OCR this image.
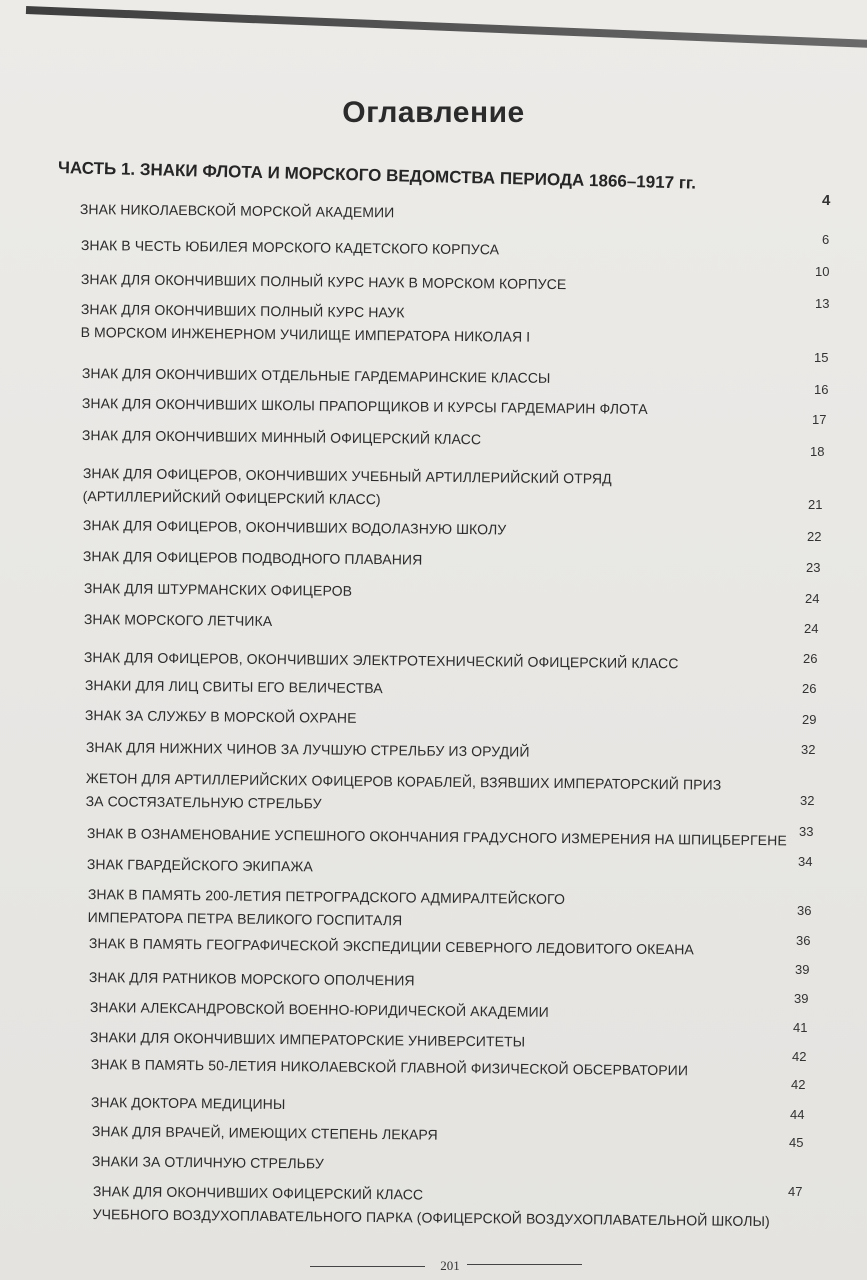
Оглавление
ЧАСТЬ 1. ЗНАКИ ФЛОТА И МОРСКОГО ВЕДОМСТВА ПЕРИОДА 1866–1917 гг.
ЗНАК НИКОЛАЕВСКОЙ МОРСКОЙ АКАДЕМИИ
4
ЗНАК В ЧЕСТЬ ЮБИЛЕЯ МОРСКОГО КАДЕТСКОГО КОРПУСА	6
ЗНАК ДЛЯ ОКОНЧИВШИХ ПОЛНЫЙ КУРС НАУК В МОРСКОМ КОРПУСЕ	10
ЗНАК ДЛЯ ОКОНЧИВШИХ ПОЛНЫЙ КУРС НАУК
В МОРСКОМ ИНЖЕНЕРНОМ УЧИЛИЩЕ ИМПЕРАТОРА НИКОЛАЯ I
13
ЗНАК ДЛЯ ОКОНЧИВШИХ ОТДЕЛЬНЫЕ ГАРДЕМАРИНСКИЕ КЛАССЫ
15
ЗНАК ДЛЯ ОКОНЧИВШИХ ШКОЛЫ ПРАПОРЩИКОВ И КУРСЫ ГАРДЕМАРИН ФЛОТА
16
ЗНАК ДЛЯ ОКОНЧИВШИХ МИННЫЙ ОФИЦЕРСКИЙ КЛАСС
17
ЗНАК ДЛЯ ОФИЦЕРОВ, ОКОНЧИВШИХ УЧЕБНЫЙ АРТИЛЛЕРИЙСКИЙ ОТРЯД
(АРТИЛЛЕРИЙСКИЙ ОФИЦЕРСКИЙ КЛАСС)
18
ЗНАК ДЛЯ ОФИЦЕРОВ, ОКОНЧИВШИХ ВОДОЛАЗНУЮ ШКОЛУ
21
ЗНАК ДЛЯ ОФИЦЕРОВ ПОДВОДНОГО ПЛАВАНИЯ
22
ЗНАК ДЛЯ ШТУРМАНСКИХ ОФИЦЕРОВ
23
ЗНАК МОРСКОГО ЛЕТЧИКА
24
ЗНАК ДЛЯ ОФИЦЕРОВ, ОКОНЧИВШИХ ЭЛЕКТРОТЕХНИЧЕСКИЙ ОФИЦЕРСКИЙ КЛАСС
24
ЗНАКИ ДЛЯ ЛИЦ СВИТЫ ЕГО ВЕЛИЧЕСТВА
26
ЗНАК ЗА СЛУЖБУ В МОРСКОЙ ОХРАНЕ
26
ЗНАК ДЛЯ НИЖНИХ ЧИНОВ ЗА ЛУЧШУЮ СТРЕЛЬБУ ИЗ ОРУДИЙ
29
ЖЕТОН ДЛЯ АРТИЛЛЕРИЙСКИХ ОФИЦЕРОВ КОРАБЛЕЙ, ВЗЯВШИХ ИМПЕРАТОРСКИЙ ПРИЗ
ЗА СОСТЯЗАТЕЛЬНУЮ СТРЕЛЬБУ
32
ЗНАК В ОЗНАМЕНОВАНИЕ УСПЕШНОГО ОКОНЧАНИЯ ГРАДУСНОГО ИЗМЕРЕНИЯ НА ШПИЦБЕРГЕНЕ
32
ЗНАК ГВАРДЕЙСКОГО ЭКИПАЖА
33
ЗНАК В ПАМЯТЬ 200-ЛЕТИЯ ПЕТРОГРАДСКОГО АДМИРАЛТЕЙСКОГО
ИМПЕРАТОРА ПЕТРА ВЕЛИКОГО ГОСПИТАЛЯ
34
ЗНАК В ПАМЯТЬ ГЕОГРАФИЧЕСКОЙ ЭКСПЕДИЦИИ СЕВЕРНОГО ЛЕДОВИТОГО ОКЕАНА
36
ЗНАК ДЛЯ РАТНИКОВ МОРСКОГО ОПОЛЧЕНИЯ
36
ЗНАКИ АЛЕКСАНДРОВСКОЙ ВОЕННО-ЮРИДИЧЕСКОЙ АКАДЕМИИ
39
ЗНАКИ ДЛЯ ОКОНЧИВШИХ ИМПЕРАТОРСКИЕ УНИВЕРСИТЕТЫ
39
ЗНАК В ПАМЯТЬ 50-ЛЕТИЯ НИКОЛАЕВСКОЙ ГЛАВНОЙ ФИЗИЧЕСКОЙ ОБСЕРВАТОРИИ
41
ЗНАК ДОКТОРА МЕДИЦИНЫ
42
ЗНАК ДЛЯ ВРАЧЕЙ, ИМЕЮЩИХ СТЕПЕНЬ ЛЕКАРЯ
42
ЗНАКИ ЗА ОТЛИЧНУЮ СТРЕЛЬБУ
44
ЗНАК ДЛЯ ОКОНЧИВШИХ ОФИЦЕРСКИЙ КЛАСС
УЧЕБНОГО ВОЗДУХОПЛАВАТЕЛЬНОГО ПАРКА (ОФИЦЕРСКОЙ ВОЗДУХОПЛАВАТЕЛЬНОЙ ШКОЛЫ)
45
47
201
